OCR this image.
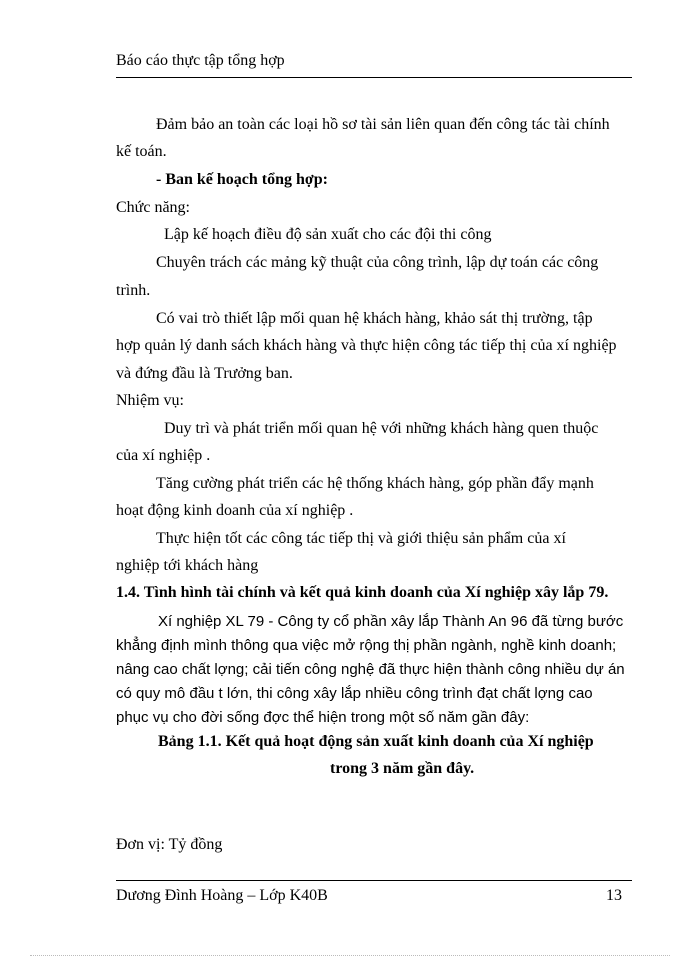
Báo cáo thực tập tổng hợp
Đảm bảo an toàn các loại hồ sơ tài sản liên quan đến công tác tài chính
kế toán.
- Ban kế hoạch tổng hợp:
Chức năng:
Lập kế hoạch điều độ sản xuất cho các đội thi công
Chuyên trách các mảng kỹ thuật của công trình, lập dự toán các công
trình.
Có vai trò thiết lập mối quan hệ khách hàng, khảo sát thị trường, tập
hợp quản lý danh sách khách hàng và thực hiện công tác tiếp thị của xí nghiệp
và đứng đầu là Trưởng ban.
Nhiệm vụ:
Duy trì và phát triển mối quan hệ với những khách hàng quen thuộc
của xí nghiệp .
Tăng cường phát triển các hệ thống khách hàng, góp phần đẩy mạnh
hoạt động kinh doanh của xí nghiệp .
Thực hiện tốt các công tác tiếp thị và giới thiệu sản phẩm của xí
nghiệp tới khách hàng
1.4. Tình hình tài chính và kết quả kinh doanh của Xí nghiệp xây lắp 79.
Xí nghiệp XL 79 - Công ty cổ phần xây lắp Thành An 96 đã từng bước
khẳng định mình thông qua việc mở rộng thị phần ngành, nghề kinh doanh;
nâng cao chất lợng; cải tiến công nghệ đã thực hiện thành công nhiều dự án
có quy mô đầu t lớn, thi công xây lắp nhiều công trình đạt chất lợng cao
phục vụ cho đời sống đợc thể hiện trong một số năm gần đây:
Bảng 1.1. Kết quả hoạt động sản xuất kinh doanh của Xí nghiệp
trong 3 năm gần đây.
Đơn vị: Tỷ đồng
Dương Đình Hoàng – Lớp K40B	13
